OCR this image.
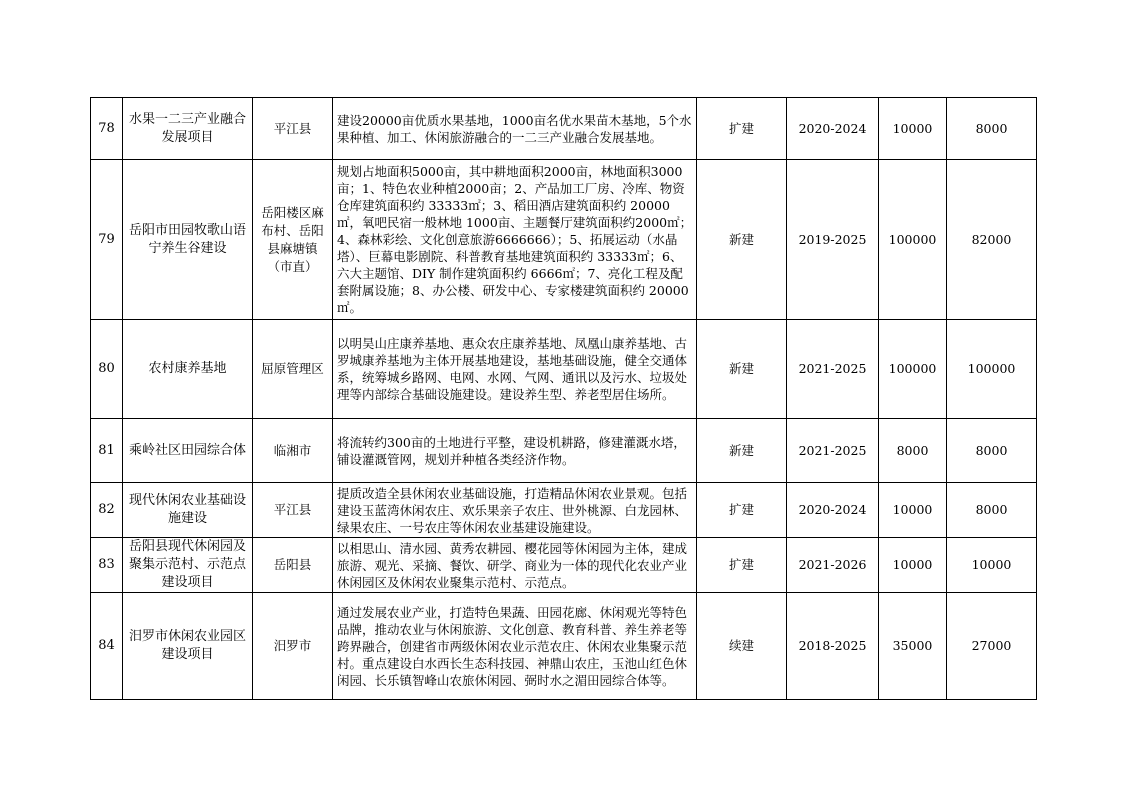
78	水果一二三产业融合发展项目	平江县	建设20000亩优质水果基地，1000亩名优水果苗木基地，5个水果种植、加工、休闲旅游融合的一二三产业融合发展基地。	扩建	2020-2024	10000	8000
79	岳阳市田园牧歌山语宁养生谷建设	岳阳楼区麻布村、岳阳县麻塘镇（市直）	规划占地面积5000亩，其中耕地面积2000亩，林地面积3000亩；1、特色农业种植2000亩；2、产品加工厂房、冷库、物资仓库建筑面积约 33333㎡；3、稻田酒店建筑面积约 20000㎡，氧吧民宿一般林地 1000亩、主题餐厅建筑面积约2000㎡；4、森林彩绘、文化创意旅游6666666）；5、拓展运动（水晶塔）、巨幕电影剧院、科普教育基地建筑面积约 33333㎡；6、六大主题馆、DIY 制作建筑面积约 6666㎡；7、亮化工程及配 套附属设施；8、办公楼、研发中心、专家楼建筑面积约 20000㎡。	新建	2019-2025	100000	82000
80	农村康养基地	屈原管理区	以明昊山庄康养基地、惠众农庄康养基地、凤凰山康养基地、古罗城康养基地为主体开展基地建设，基地基础设施，健全交通体系，统筹城乡路网、电网、水网、气网、通讯以及污水、垃圾处理等内部综合基础设施建设。建设养生型、养老型居住场所。	新建	2021-2025	100000	100000
81	乘岭社区田园综合体	临湘市	将流转约300亩的土地进行平整，建设机耕路，修建灌溉水塔，铺设灌溉管网，规划并种植各类经济作物。	新建	2021-2025	8000	8000
82	现代休闲农业基础设施建设	平江县	提质改造全县休闲农业基础设施，打造精品休闲农业景观。包括建设玉蓝湾休闲农庄、欢乐果亲子农庄、世外桃源、白龙园林、绿果农庄、一号农庄等休闲农业基建设施建设。	扩建	2020-2024	10000	8000
83	岳阳县现代休闲园及聚集示范村、示范点建设项目	岳阳县	以相思山、清水园、黄秀农耕园、樱花园等休闲园为主体，建成旅游、观光、采摘、餐饮、研学、商业为一体的现代化农业产业休闲园区及休闲农业聚集示范村、示范点。	扩建	2021-2026	10000	10000
84	汨罗市休闲农业园区建设项目	汨罗市	通过发展农业产业，打造特色果蔬、田园花廊、休闲观光等特色品牌，推动农业与休闲旅游、文化创意、教育科普、养生养老等跨界融合，创建省市两级休闲农业示范农庄、休闲农业集聚示范村。重点建设白水西长生态科技园、神鼎山农庄，玉池山红色休闲园、长乐镇智峰山农旅休闲园、弼时水之湄田园综合体等。	续建	2018-2025	35000	27000
